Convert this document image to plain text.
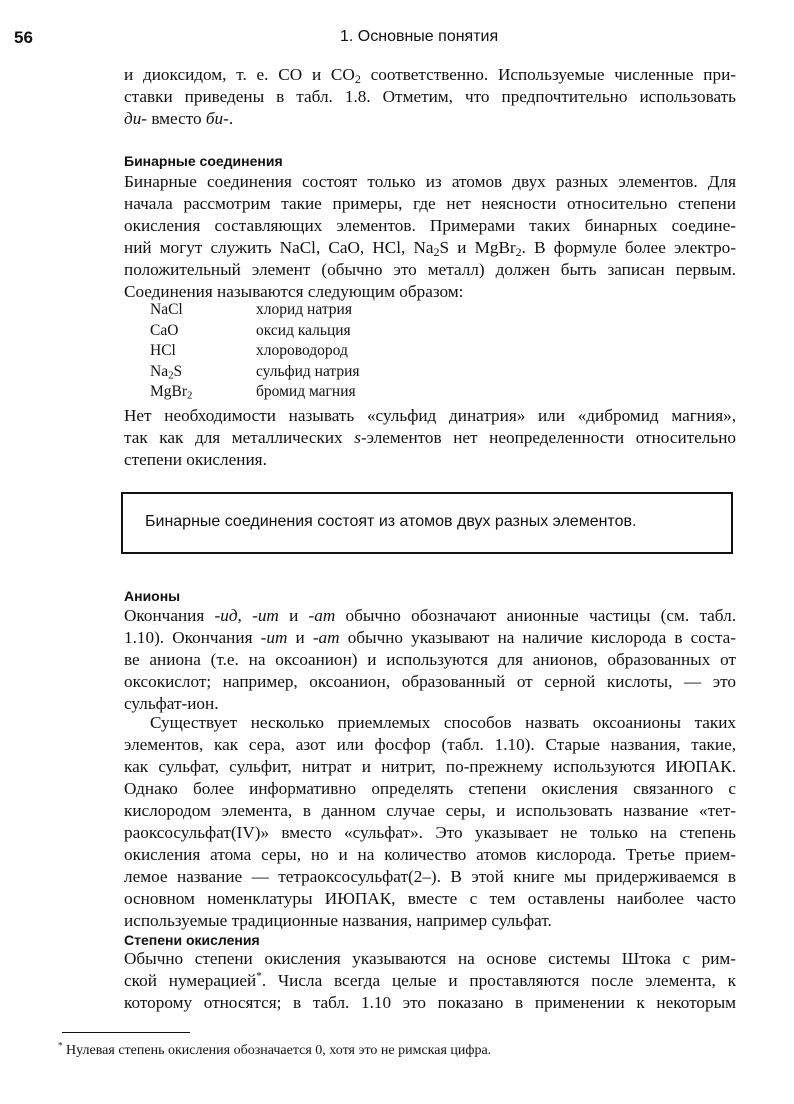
56	1. Основные понятия
и диоксидом, т. е. CO и $CO_2$ соответственно. Используемые численные при-
ставки приведены в табл. 1.8. Отметим, что предпочтительно использовать
ди- вместо би-.
Бинарные соединения
Бинарные соединения состоят только из атомов двух разных элементов. Для
начала рассмотрим такие примеры, где нет неясности относительно степени
окисления составляющих элементов. Примерами таких бинарных соедине-
ний могут служить NaCl, CaO, HCl, $Na_2S$ и MgBr$_2$. В формуле более электро-
положительный элемент (обычно это металл) должен быть записан первым.
Соединения называются следующим образом:
NaCl	хлорид натрия
CaO	оксид кальция
HCl	хлороводород
$Na_2S$	сульфид натрия
MgBr$_2$	бромид магния
Нет необходимости называть «сульфид динатрия» или «дибромид магния»,
так как для металлических s-элементов нет неопределенности относительно
степени окисления.
Бинарные соединения состоят из атомов двух разных элементов.
Анионы
Окончания -ид, -ит и -ат обычно обозначают анионные частицы (см. табл.
1.10). Окончания -ит и -ат обычно указывают на наличие кислорода в соста-
ве аниона (т.е. на оксоанион) и используются для анионов, образованных от
оксокислот; например, оксоанион, образованный от серной кислоты, — это
сульфат-ион.
Существует несколько приемлемых способов назвать оксоанионы таких
элементов, как сера, азот или фосфор (табл. 1.10). Старые названия, такие,
как сульфат, сульфит, нитрат и нитрит, по-прежнему используются ИЮПАК.
Однако более информативно определять степени окисления связанного с
кислородом элемента, в данном случае серы, и использовать название «тет-
раоксосульфат(IV)» вместо «сульфат». Это указывает не только на степень
окисления атома серы, но и на количество атомов кислорода. Третье прием-
лемое название — тетраоксосульфат(2–). В этой книге мы придерживаемся в
основном номенклатуры ИЮПАК, вместе с тем оставлены наиболее часто
используемые традиционные названия, например сульфат.
Степени окисления
Обычно степени окисления указываются на основе системы Штока с рим-
ской нумерацией*. Числа всегда целые и проставляются после элемента, к
которому относятся; в табл. 1.10 это показано в применении к некоторым
* Нулевая степень окисления обозначается 0, хотя это не римская цифра.
